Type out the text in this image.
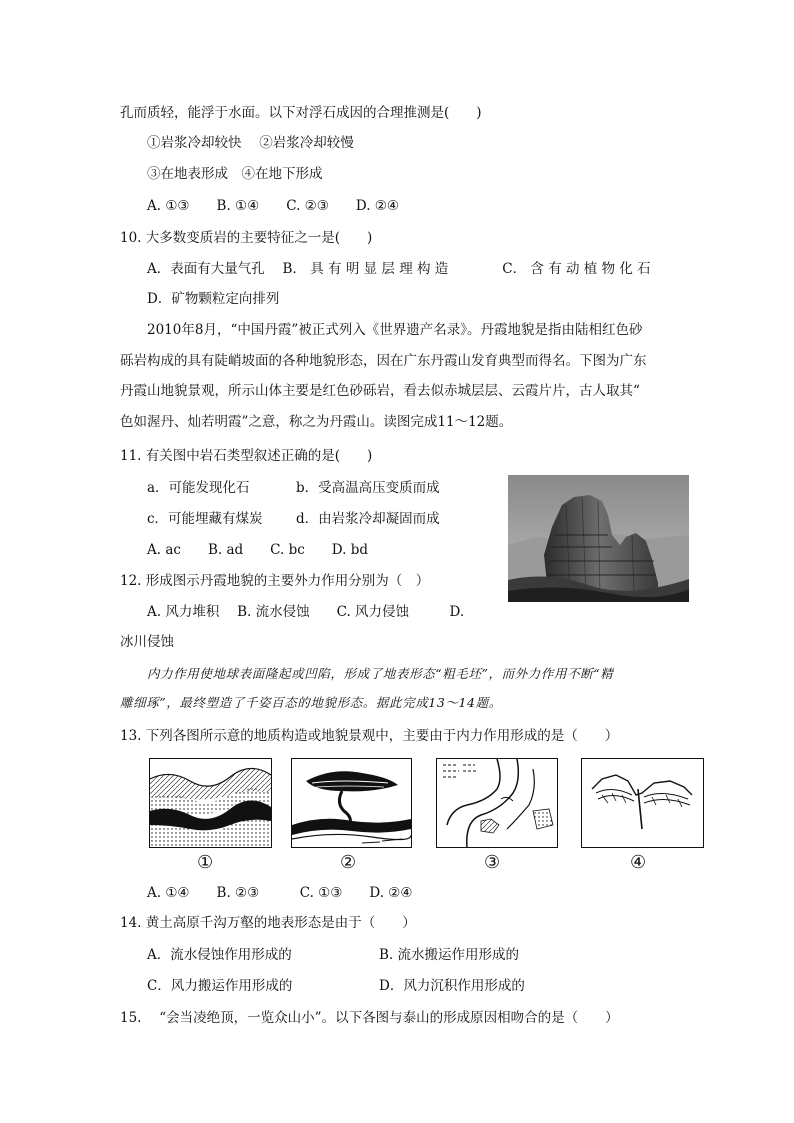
孔而质轻，能浮于水面。以下对浮石成因的合理推测是(　　)
①岩浆冷却较快　 ②岩浆冷却较慢
③在地表形成　④在地下形成
A. ①③　　B. ①④　　C. ②③　　D. ②④
10. 大多数变质岩的主要特征之一是(　　)
A．表面有大量气孔　 B． 具 有 明 显 层 理 构 造　　　　C． 含 有 动 植 物 化 石
D．矿物颗粒定向排列
2010年8月，“中国丹霞”被正式列入《世界遗产名录》。丹霞地貌是指由陆相红色砂
砾岩构成的具有陡峭坡面的各种地貌形态，因在广东丹霞山发育典型而得名。下图为广东
丹霞山地貌景观，所示山体主要是红色砂砾岩，看去似赤城层层、云霞片片，古人取其“
色如渥丹、灿若明霞”之意，称之为丹霞山。读图完成11～12题。
11. 有关图中岩石类型叙述正确的是(　　)
a．可能发现化石	b．受高温高压变质而成
c．可能埋藏有煤炭 d．由岩浆冷却凝固而成
A. ac　　B. ad　　C. bc　　D. bd
12. 形成图示丹霞地貌的主要外力作用分别为（　）
A. 风力堆积　 B. 流水侵蚀　　C. 风力侵蚀　　　D.
冰川侵蚀
内力作用使地球表面隆起或凹陷，形成了地表形态“粗毛坯”，而外力作用不断“精
雕细琢”，最终塑造了千姿百态的地貌形态。据此完成13～14题。
13. 下列各图所示意的地质构造或地貌景观中，主要由于内力作用形成的是（　　）
①	②	③	④
A. ①④　　B. ②③　　　C. ①③　　D. ②④
14. 黄土高原千沟万壑的地表形态是由于（　　）
A．流水侵蚀作用形成的	B. 流水搬运作用形成的
C．风力搬运作用形成的	D．风力沉积作用形成的
15.　 “会当凌绝顶，一览众山小”。以下各图与泰山的形成原因相吻合的是（　　）
